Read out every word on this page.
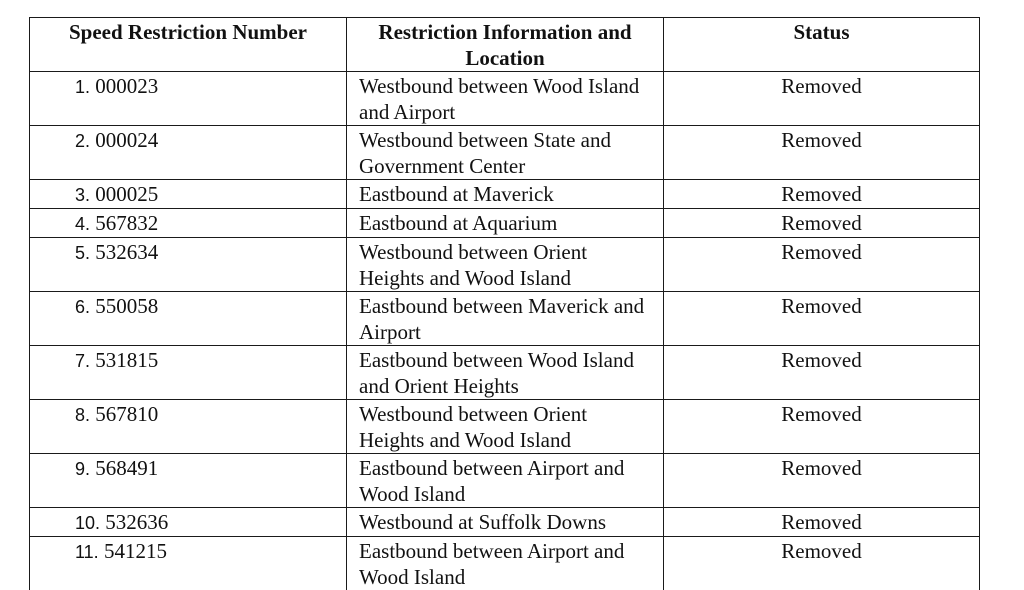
Speed Restriction Number	Restriction Information and Location	Status
1. 000023	Westbound between Wood Island and Airport	Removed
2. 000024	Westbound between State and Government Center	Removed
3. 000025	Eastbound at Maverick	Removed
4. 567832	Eastbound at Aquarium	Removed
5. 532634	Westbound between Orient Heights and Wood Island	Removed
6. 550058	Eastbound between Maverick and Airport	Removed
7. 531815	Eastbound between Wood Island and Orient Heights	Removed
8. 567810	Westbound between Orient Heights and Wood Island	Removed
9. 568491	Eastbound between Airport and Wood Island	Removed
10. 532636	Westbound at Suffolk Downs	Removed
11. 541215	Eastbound between Airport and Wood Island	Removed
